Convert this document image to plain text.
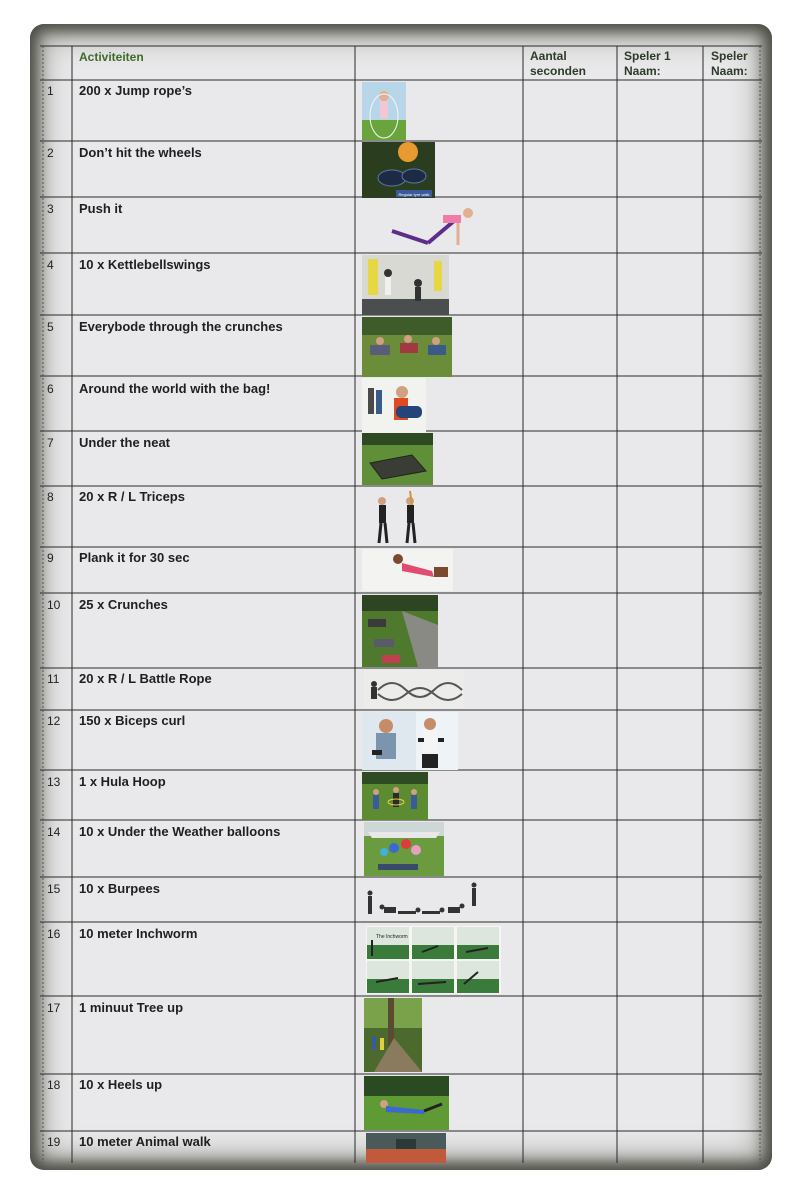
Activiteiten	Aantal
seconden
Speler 1
Naam:
Speler
Naam:
1 200 x Jump rope’s
2 Don’t hit the wheels
3 Push it
4 10 x Kettlebellswings
5 Everybode through the crunches
6 Around the world with the bag!
7 Under the neat
8 20 x R / L Triceps
9 Plank it for 30 sec
10 25 x Crunches
11 20 x R / L Battle Rope
12 150 x Biceps curl
13 1 x Hula Hoop
14 10 x Under the Weather balloons
15 10 x Burpees
16 10 meter Inchworm
17 1 minuut Tree up
18 10 x Heels up
19 10 meter Animal walk
Regular tyre walk
The Inchworm
